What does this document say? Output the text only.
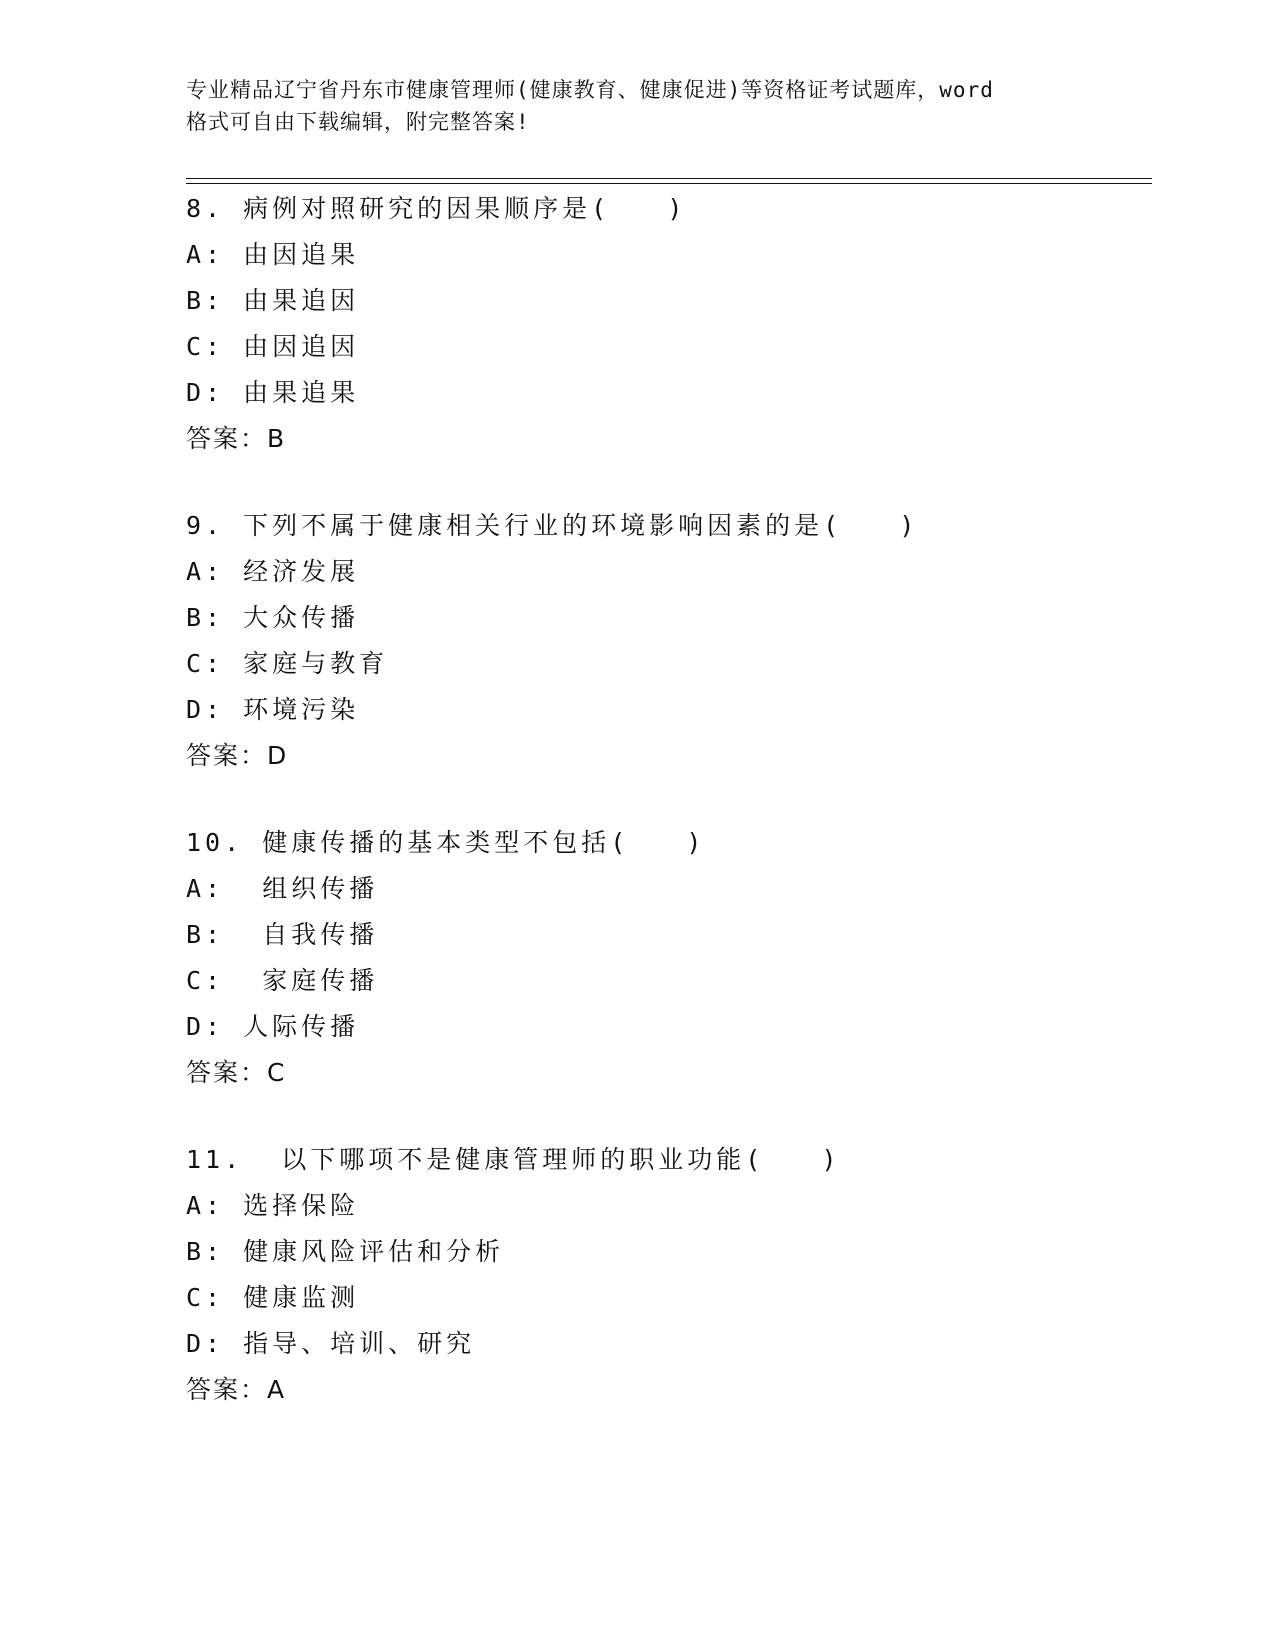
专业精品辽宁省丹东市健康管理师(健康教育、健康促进)等资格证考试题库，word
格式可自由下载编辑，附完整答案!
8. 病例对照研究的因果顺序是(   )
A: 由因追果
B: 由果追因
C: 由因追因
D: 由果追果
答案：B
9. 下列不属于健康相关行业的环境影响因素的是(   )
A: 经济发展
B: 大众传播
C: 家庭与教育
D: 环境污染
答案：D
10. 健康传播的基本类型不包括(   )
A:  组织传播
B:  自我传播
C:  家庭传播
D: 人际传播
答案：C
11.  以下哪项不是健康管理师的职业功能(   )
A: 选择保险
B: 健康风险评估和分析
C: 健康监测
D: 指导、培训、研究
答案：A
